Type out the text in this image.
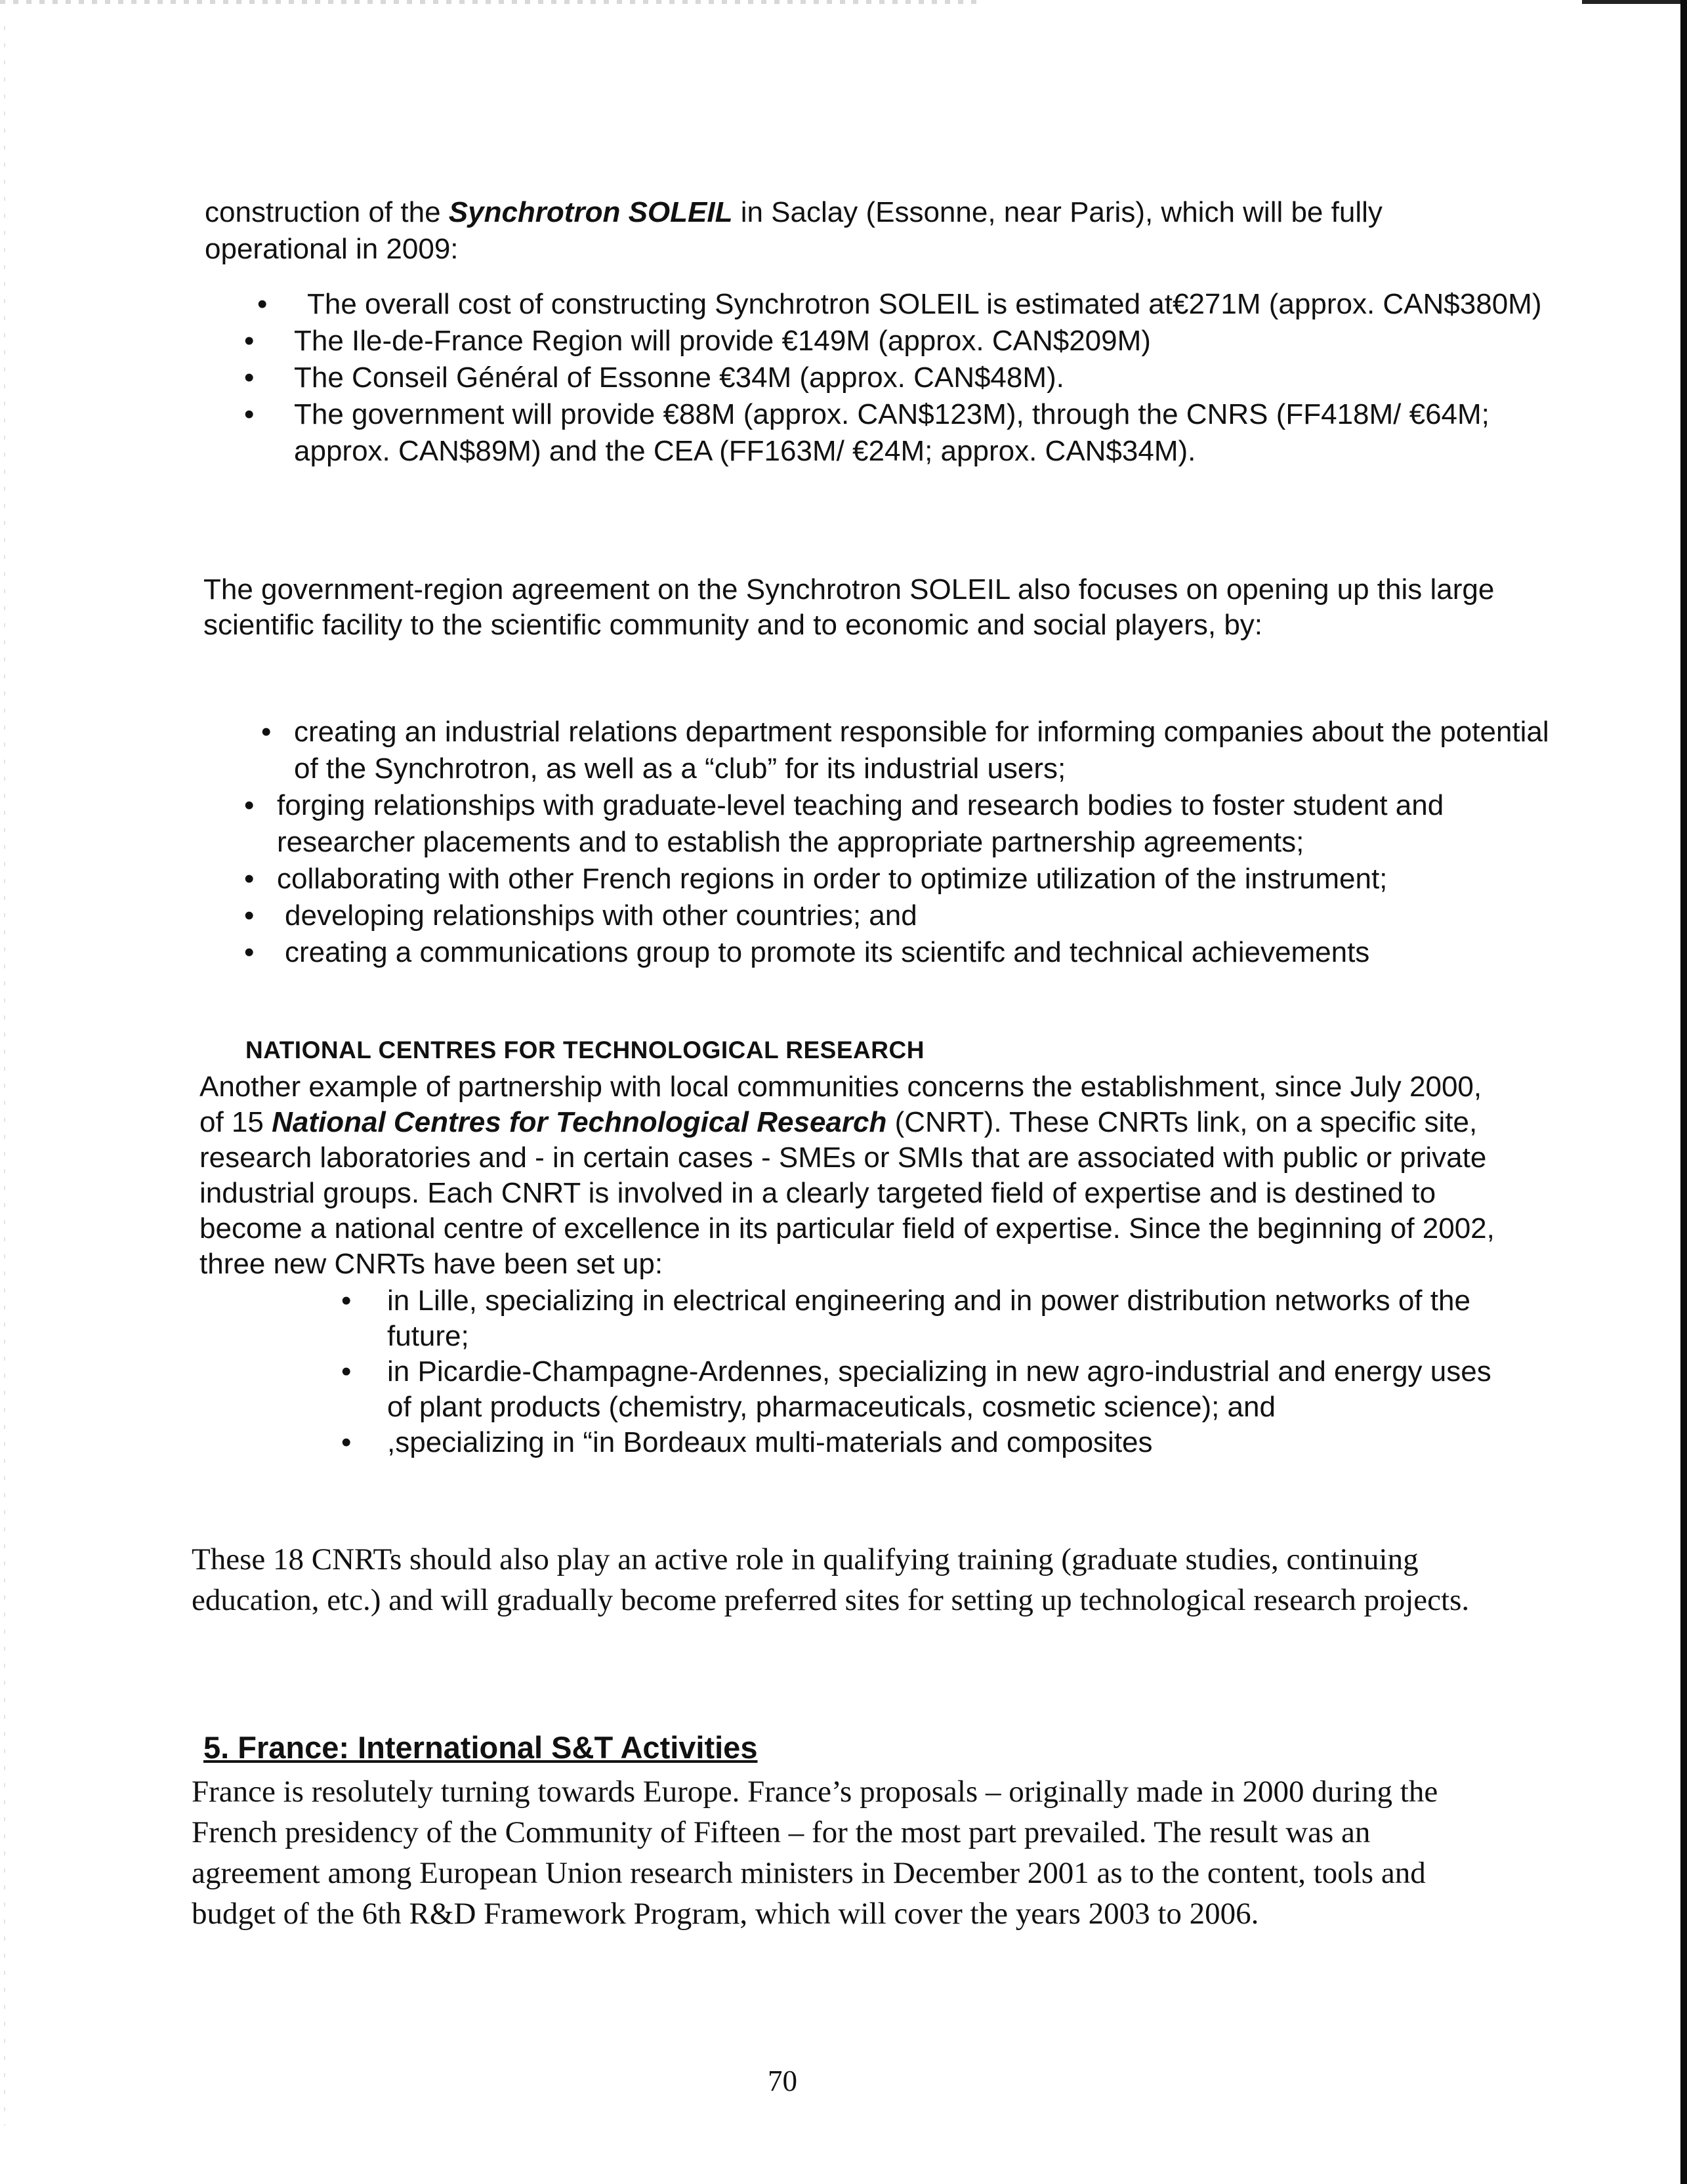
construction of the Synchrotron SOLEIL in Saclay (Essonne, near Paris), which will be fully operational in 2009:

• The overall cost of constructing Synchrotron SOLEIL is estimated at€271M (approx. CAN$380M)
• The Ile-de-France Region will provide €149M (approx. CAN$209M)
• The Conseil Général of Essonne €34M (approx. CAN$48M).
• The government will provide €88M (approx. CAN$123M), through the CNRS (FF418M/ €64M; approx. CAN$89M) and the CEA (FF163M/ €24M; approx. CAN$34M).

The government-region agreement on the Synchrotron SOLEIL also focuses on opening up this large scientific facility to the scientific community and to economic and social players, by:

• creating an industrial relations department responsible for informing companies about the potential of the Synchrotron, as well as a “club” for its industrial users;
• forging relationships with graduate-level teaching and research bodies to foster student and researcher placements and to establish the appropriate partnership agreements;
• collaborating with other French regions in order to optimize utilization of the instrument;
• developing relationships with other countries; and
• creating a communications group to promote its scientifc and technical achievements
NATIONAL CENTRES FOR TECHNOLOGICAL RESEARCH

Another example of partnership with local communities concerns the establishment, since July 2000, of 15 National Centres for Technological Research (CNRT). These CNRTs link, on a specific site, research laboratories and - in certain cases - SMEs or SMIs that are associated with public or private industrial groups. Each CNRT is involved in a clearly targeted field of expertise and is destined to become a national centre of excellence in its particular field of expertise. Since the beginning of 2002, three new CNRTs have been set up:

• in Lille, specializing in electrical engineering and in power distribution networks of the future;
• in Picardie-Champagne-Ardennes, specializing in new agro-industrial and energy uses of plant products (chemistry, pharmaceuticals, cosmetic science); and
• ,specializing in “in Bordeaux multi-materials and composites

These 18 CNRTs should also play an active role in qualifying training (graduate studies, continuing education, etc.) and will gradually become preferred sites for setting up technological research projects.

5. France: International S&T Activities

France is resolutely turning towards Europe. France’s proposals – originally made in 2000 during the French presidency of the Community of Fifteen – for the most part prevailed. The result was an agreement among European Union research ministers in December 2001 as to the content, tools and budget of the 6th R&D Framework Program, which will cover the years 2003 to 2006.

70
